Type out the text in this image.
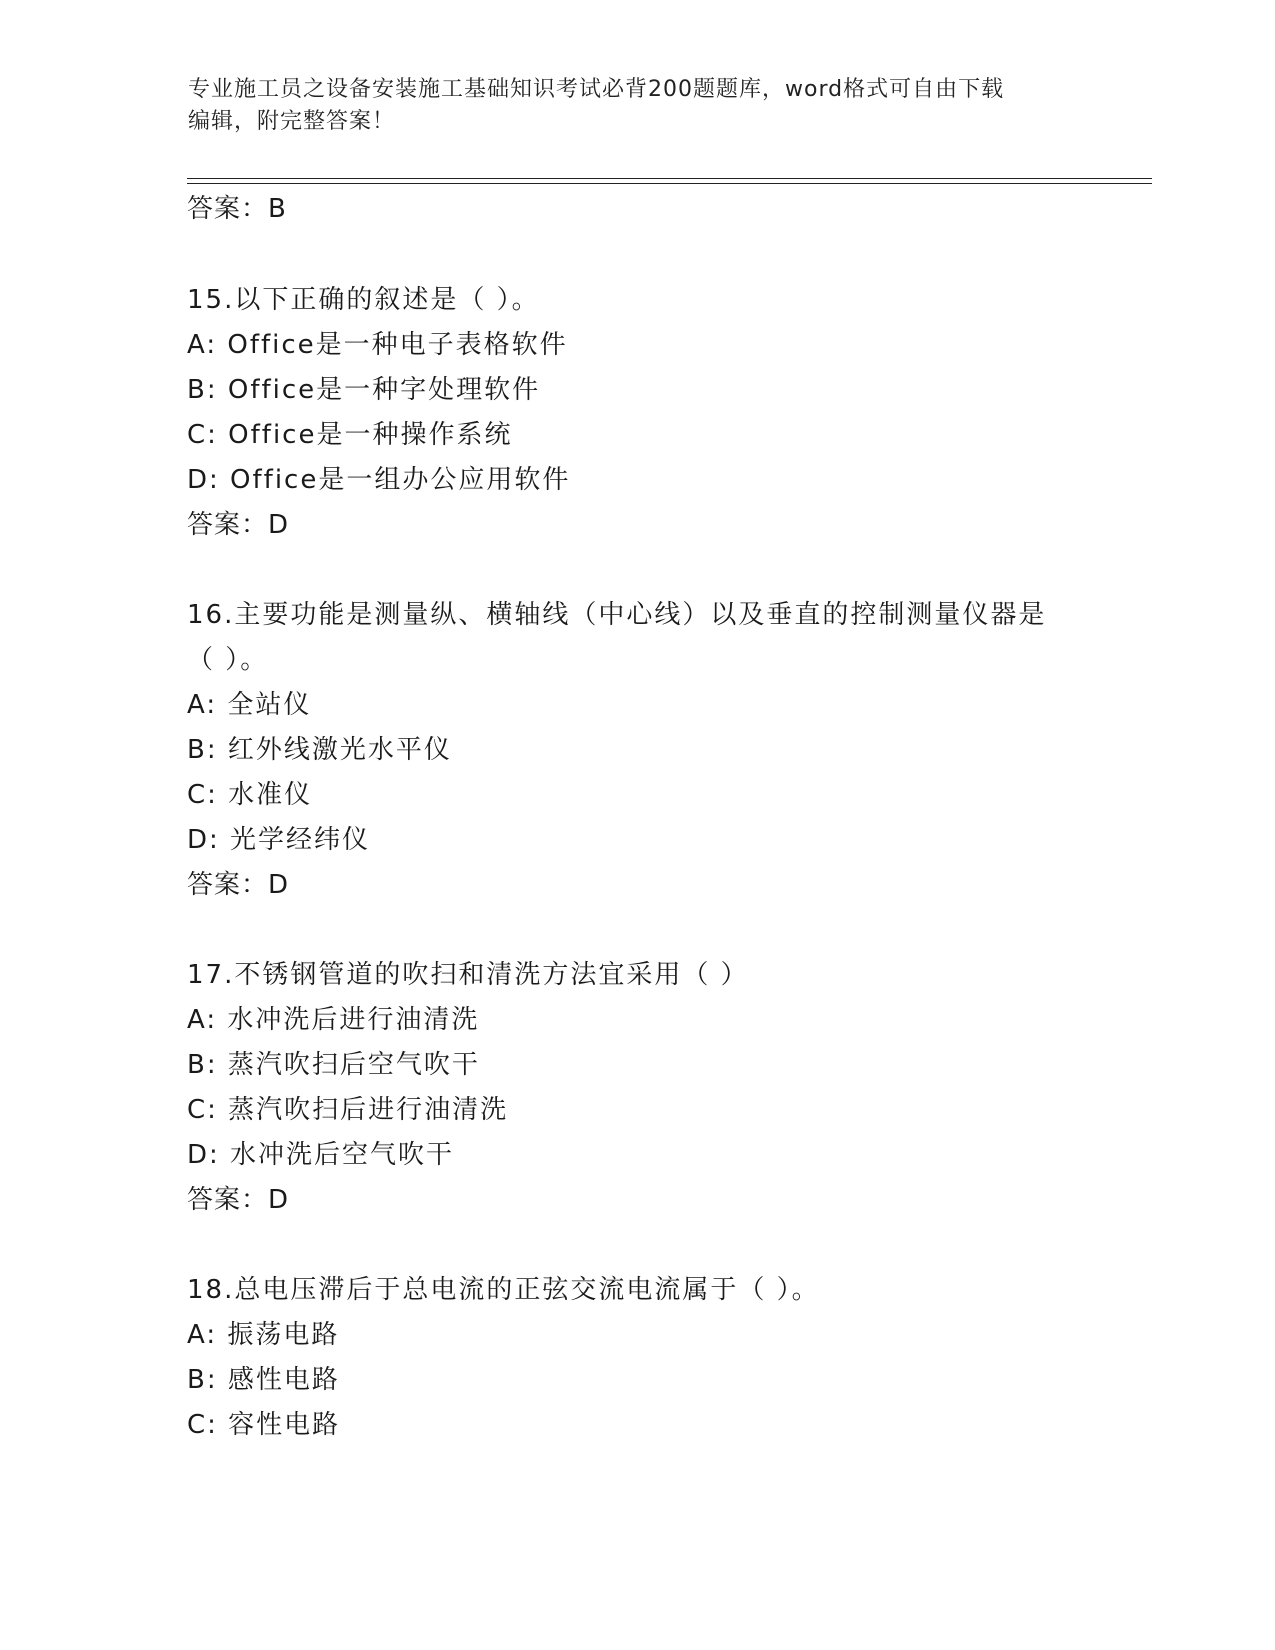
专业施工员之设备安装施工基础知识考试必背200题题库，word格式可自由下载
编辑，附完整答案！
答案：B
15.以下正确的叙述是（ ）。
A: Office是一种电子表格软件
B: Office是一种字处理软件
C: Office是一种操作系统
D: Office是一组办公应用软件
答案：D
16.主要功能是测量纵、横轴线（中心线）以及垂直的控制测量仪器是
（ ）。
A: 全站仪
B: 红外线激光水平仪
C: 水准仪
D: 光学经纬仪
答案：D
17.不锈钢管道的吹扫和清洗方法宜采用（ ）
A: 水冲洗后进行油清洗
B: 蒸汽吹扫后空气吹干
C: 蒸汽吹扫后进行油清洗
D: 水冲洗后空气吹干
答案：D
18.总电压滞后于总电流的正弦交流电流属于（ ）。
A: 振荡电路
B: 感性电路
C: 容性电路
